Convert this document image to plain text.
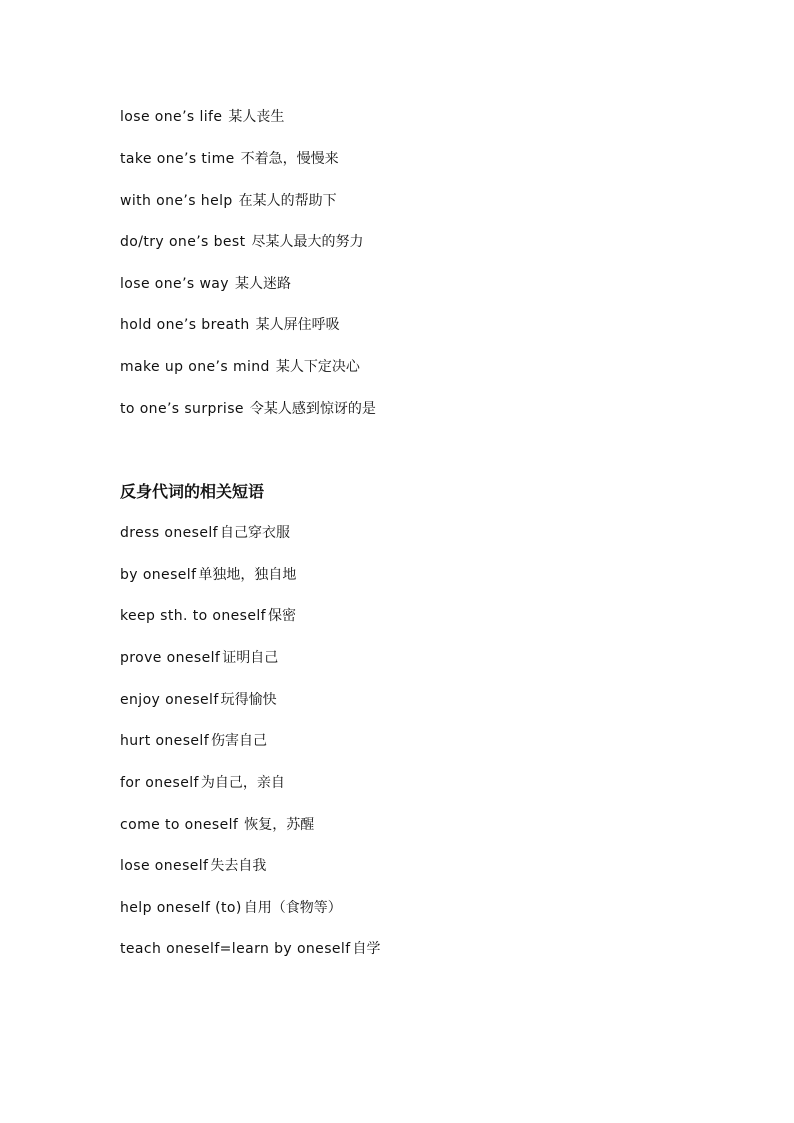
lose one’s life 某人丧生
take one’s time 不着急，慢慢来
with one’s help 在某人的帮助下
do/try one’s best 尽某人最大的努力
lose one’s way 某人迷路
hold one’s breath 某人屏住呼吸
make up one’s mind 某人下定决心
to one’s surprise 令某人感到惊讶的是
反身代词的相关短语
dress oneself 自己穿衣服
by oneself 单独地，独自地
keep sth. to oneself 保密
prove oneself 证明自己
enjoy oneself 玩得愉快
hurt oneself 伤害自己
for oneself 为自己，亲自
come to oneself 恢复，苏醒
lose oneself 失去自我
help oneself (to) 自用（食物等）
teach oneself=learn by oneself 自学
